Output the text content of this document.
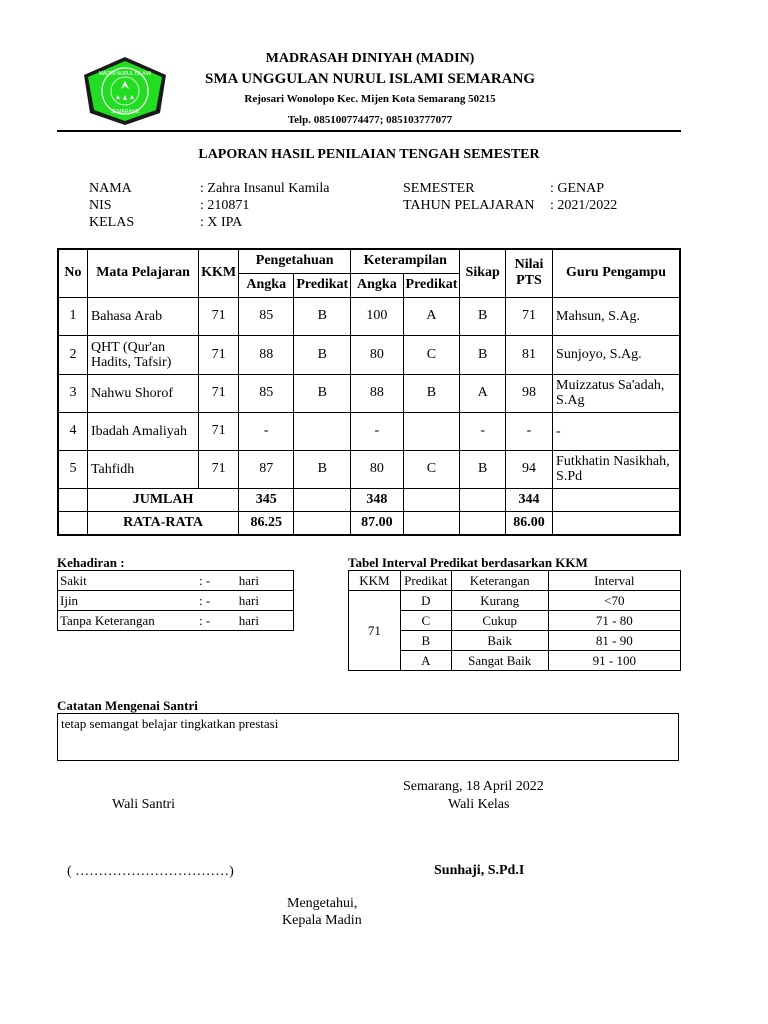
MADIN NURUL ISLAMI
SEMARANG
MADRASAH DINIYAH (MADIN)
SMA UNGGULAN NURUL ISLAMI SEMARANG
Rejosari Wonolopo Kec. Mijen Kota Semarang 50215
Telp. 085100774477; 085103777077
LAPORAN HASIL PENILAIAN TENGAH SEMESTER
NAMA	: Zahra Insanul Kamila
NIS	: 210871
KELAS	: X IPA
SEMESTER	: GENAP
TAHUN PELAJARAN : 2021/2022
No	Mata Pelajaran	KKM	Pengetahuan		Keterampilan		Sikap	Nilai PTS	Guru Pengampu
			Angka	Predikat	Angka	Predikat			
1	Bahasa Arab	71	85	B	100	A	B	71	Mahsun, S.Ag.
2	QHT (Qur'an Hadits, Tafsir)	71	88	B	80	C	B	81	Sunjoyo, S.Ag.
3	Nahwu Shorof	71	85	B	88	B	A	98	Muizzatus Sa'adah, S.Ag
4	Ibadah Amaliyah	71	-		-		-	-	-
5	Tahfidh	71	87	B	80	C	B	94	Futkhatin Nasikhah, S.Pd
	JUMLAH		345		348			344	
	RATA-RATA		86.25		87.00			86.00	
Kehadiran :
Sakit	: -	hari
Ijin	: -	hari
Tanpa Keterangan	: -	hari
Tabel Interval Predikat berdasarkan KKM
KKM	Predikat	Keterangan	Interval
71	D	Kurang	<70
	C	Cukup	71 - 80
	B	Baik	81 - 90
	A	Sangat Baik	91 - 100
Catatan Mengenai Santri
tetap semangat belajar tingkatkan prestasi
Semarang, 18 April 2022
Wali Santri	Wali Kelas
( ……………………………)	Sunhaji, S.Pd.I
Mengetahui,
Kepala Madin
